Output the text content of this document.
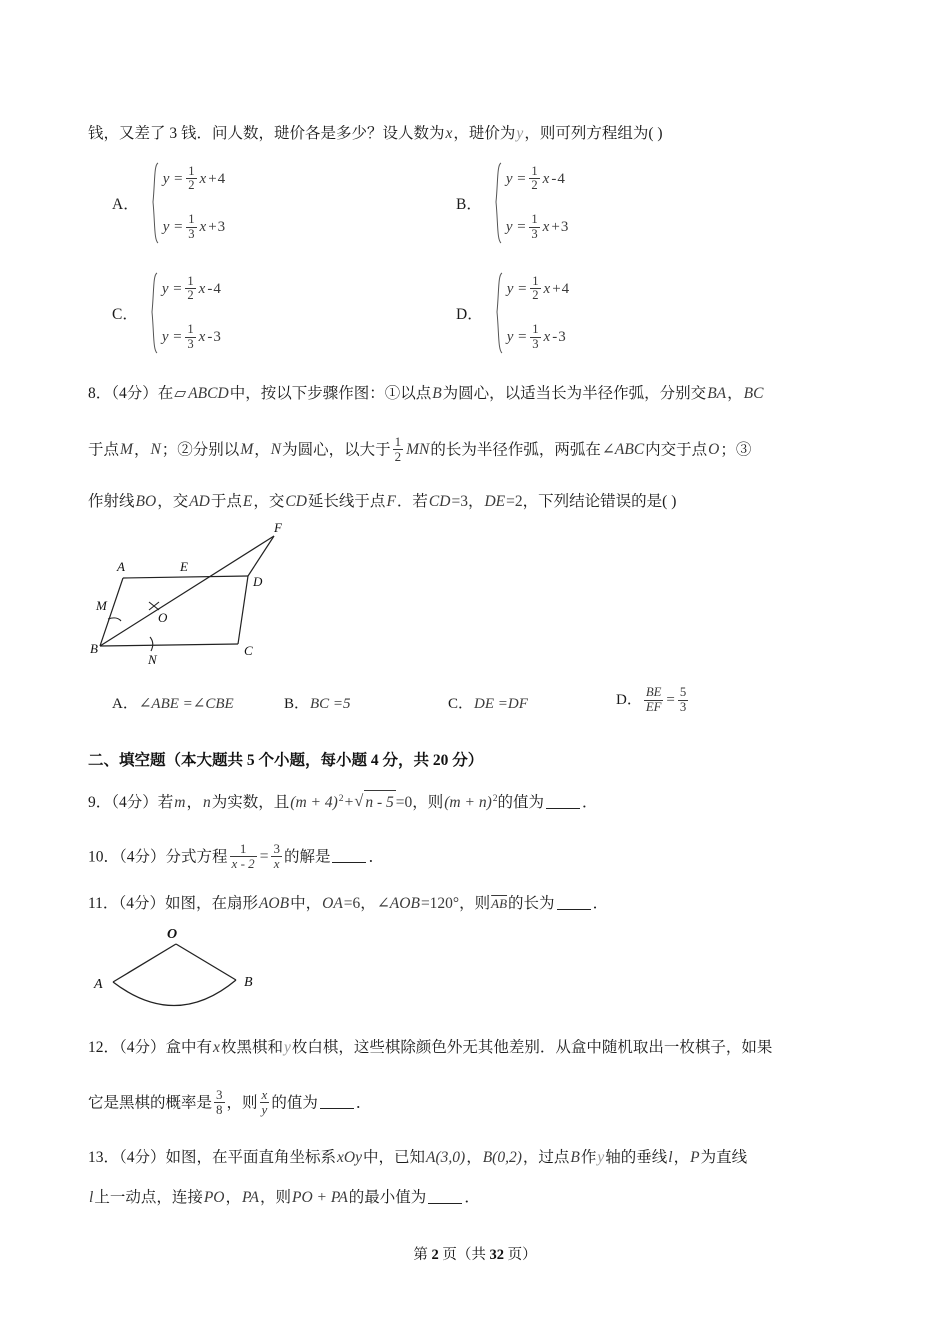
钱，又差了 3 钱．问人数，琎价各是多少？设人数为x，琎价为y，则可列方程组为( )
A．
$y = \frac{1}{2}$ x +4
$y = \frac{1}{3}$ x +3
B．
$y = \frac{1}{2}$ x -4
$y = \frac{1}{3}$ x +3
C．
$y = \frac{1}{2}$ x -4
$y = \frac{1}{3}$ x -3
D．
$y = \frac{1}{2}$ x +4
$y = \frac{1}{3}$ x -3
8．（4分）在▱ ABCD中，按以下步骤作图：①以点B为圆心，以适当长为半径作弧，分别交BA，BC
于点M，N；②分别以M，N为圆心，以大于 $\frac{1}{2}$ MN的长为半径作弧，两弧在∠ABC内交于点O；③
作射线BO，交AD于点E，交CD延长线于点F．若CD=3，DE=2，下列结论错误的是( )
A
B	C
D
E
F
M
N
O
A．∠ABE =∠CBE	B．BC =5	C．DE =DF	D． $\frac{BE}{EF} = \frac{5}{3}$
二、填空题（本大题共 5 个小题，每小题 4 分，共 20 分）
9．（4分）若m，n为实数，且$(m + 4)^2+$ √ n - 5 =0，则$(m + n)^2$的值为 ．
10．（4分）分式方程 $\frac{1}{x - 2} = \frac{3}{x}$ 的解是 ．
11．（4分）如图，在扇形AOB中，OA=6，∠AOB=120°，则$\overline{AB}$的长为 ．
O
A	B
12．（4分）盒中有x枚黑棋和y枚白棋，这些棋除颜色外无其他差别．从盒中随机取出一枚棋子，如果
它是黑棋的概率是 $\frac{3}{8}$ ，则 $\frac{x}{y}$ 的值为 ．
13．（4分）如图，在平面直角坐标系xOy中，已知A(3,0)，B(0,2)，过点B作y轴的垂线l，P为直线
l上一动点，连接PO，PA，则PO + PA的最小值为 ．
第 2 页（共 32 页）
